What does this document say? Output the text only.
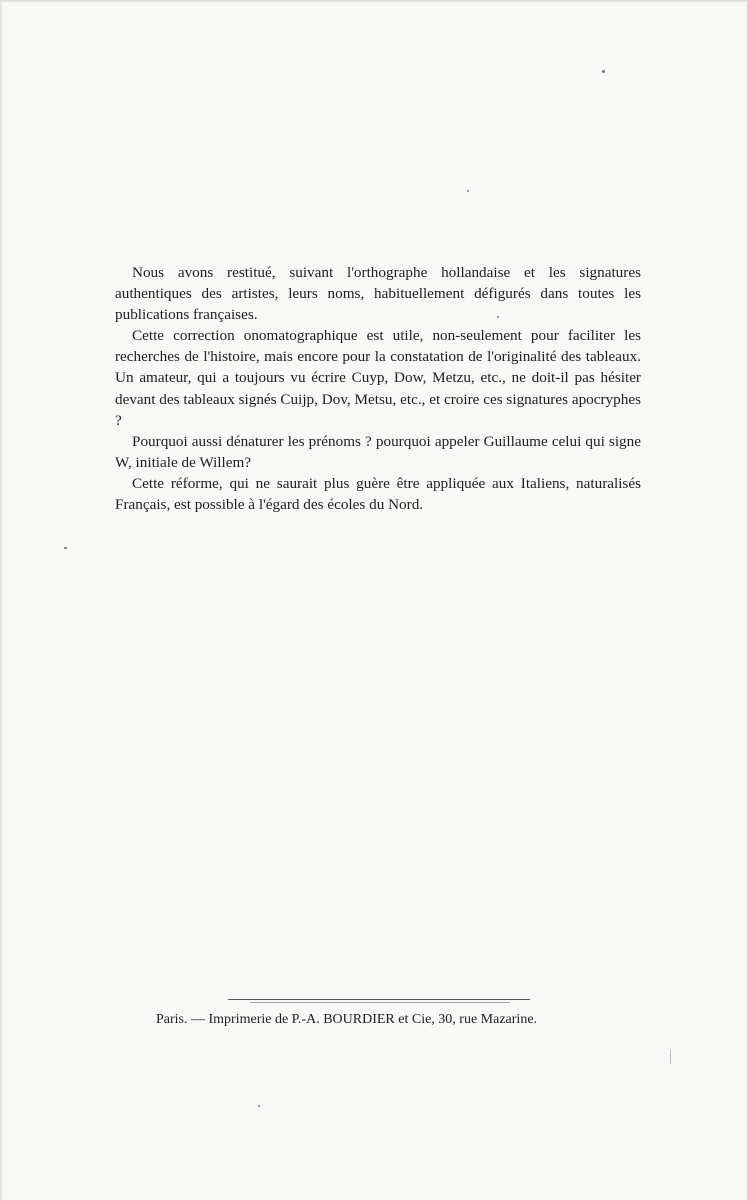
Nous avons restitué, suivant l'orthographe hollandaise et les signatures authentiques des artistes, leurs noms, habituellement défigurés dans toutes les publications françaises.

Cette correction onomatographique est utile, non-seulement pour faciliter les recherches de l'histoire, mais encore pour la constatation de l'originalité des tableaux. Un amateur, qui a toujours vu écrire Cuyp, Dow, Metzu, etc., ne doit-il pas hésiter devant des tableaux signés Cuijp, Dov, Metsu, etc., et croire ces signatures apocryphes ?

Pourquoi aussi dénaturer les prénoms ? pourquoi appeler Guillaume celui qui signe W, initiale de Willem?

Cette réforme, qui ne saurait plus guère être appliquée aux Italiens, naturalisés Français, est possible à l'égard des écoles du Nord.

Paris. — Imprimerie de P.-A. BOURDIER et Cie, 30, rue Mazarine.
